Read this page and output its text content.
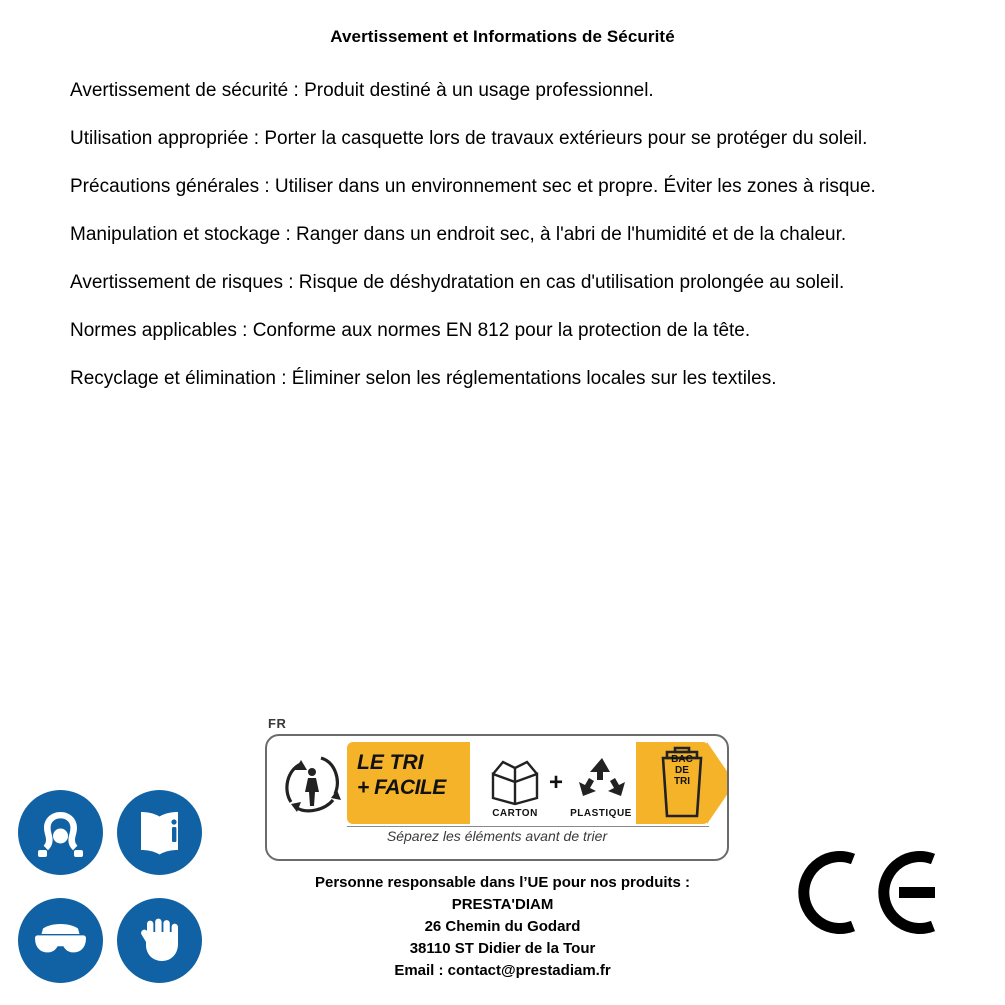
Avertissement et Informations de Sécurité
Avertissement de sécurité : Produit destiné à un usage professionnel.
Utilisation appropriée : Porter la casquette lors de travaux extérieurs pour se protéger du soleil.
Précautions générales : Utiliser dans un environnement sec et propre. Éviter les zones à risque.
Manipulation et stockage : Ranger dans un endroit sec, à l'abri de l'humidité et de la chaleur.
Avertissement de risques : Risque de déshydratation en cas d'utilisation prolongée au soleil.
Normes applicables : Conforme aux normes EN 812 pour la protection de la tête.
Recyclage et élimination : Éliminer selon les réglementations locales sur les textiles.
FR
LE TRI
+ FACILE	+
CARTON	PLASTIQUE
BAC
DE
TRI
Séparez les éléments avant de trier
Personne responsable dans l’UE pour nos produits :
PRESTA'DIAM
26 Chemin du Godard
38110 ST Didier de la Tour
Email : contact@prestadiam.fr
